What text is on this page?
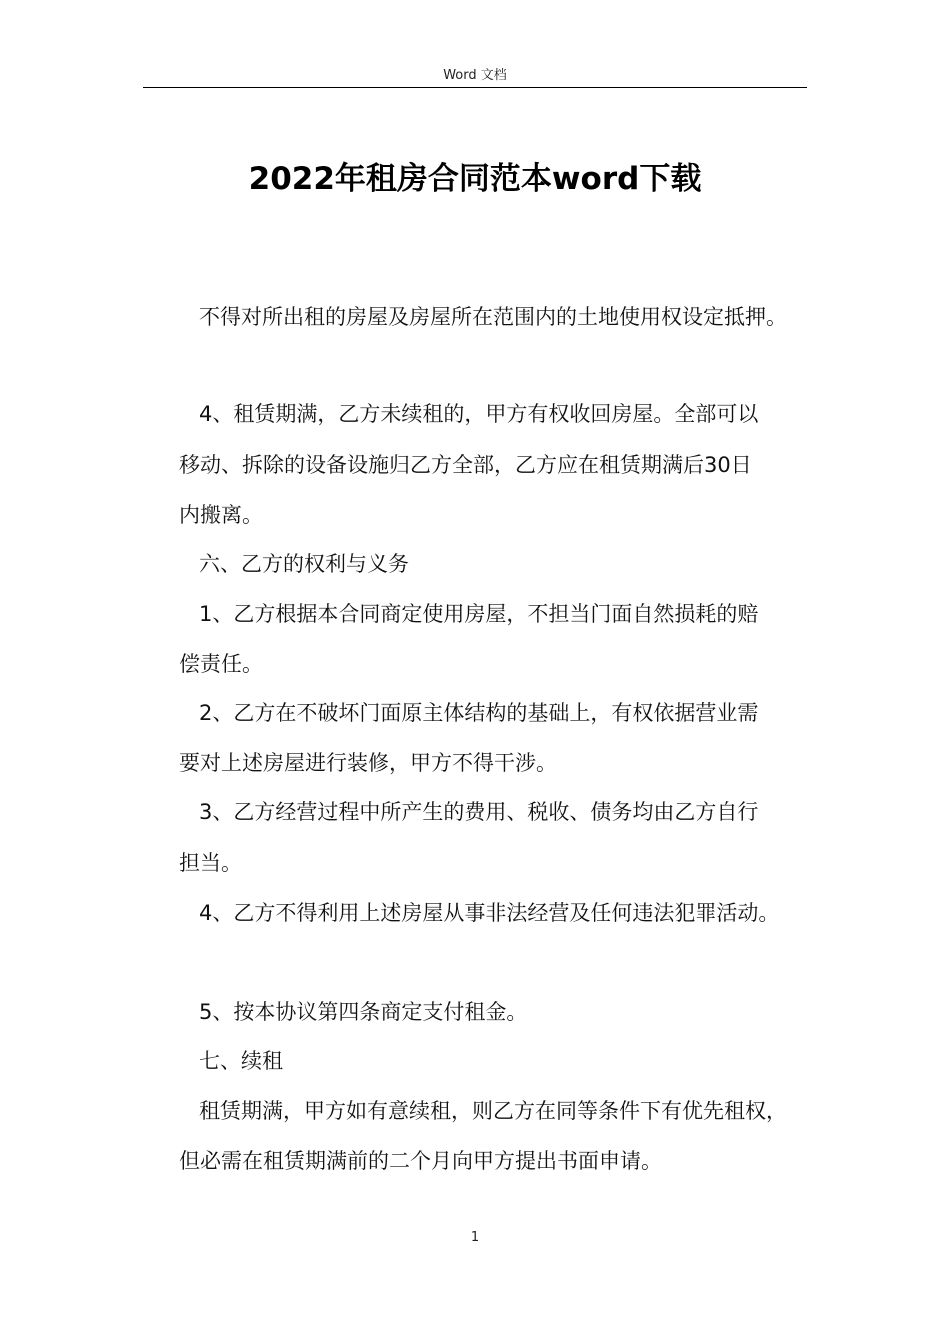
Word 文档
2022年租房合同范本word下载
不得对所出租的房屋及房屋所在范围内的土地使用权设定抵押。
4、租赁期满，乙方未续租的，甲方有权收回房屋。全部可以
移动、拆除的设备设施归乙方全部，乙方应在租赁期满后30日
内搬离。
六、乙方的权利与义务
1、乙方根据本合同商定使用房屋，不担当门面自然损耗的赔
偿责任。
2、乙方在不破坏门面原主体结构的基础上，有权依据营业需
要对上述房屋进行装修，甲方不得干涉。
3、乙方经营过程中所产生的费用、税收、债务均由乙方自行
担当。
4、乙方不得利用上述房屋从事非法经营及任何违法犯罪活动。
5、按本协议第四条商定支付租金。
七、续租
租赁期满，甲方如有意续租，则乙方在同等条件下有优先租权，
但必需在租赁期满前的二个月向甲方提出书面申请。
1
